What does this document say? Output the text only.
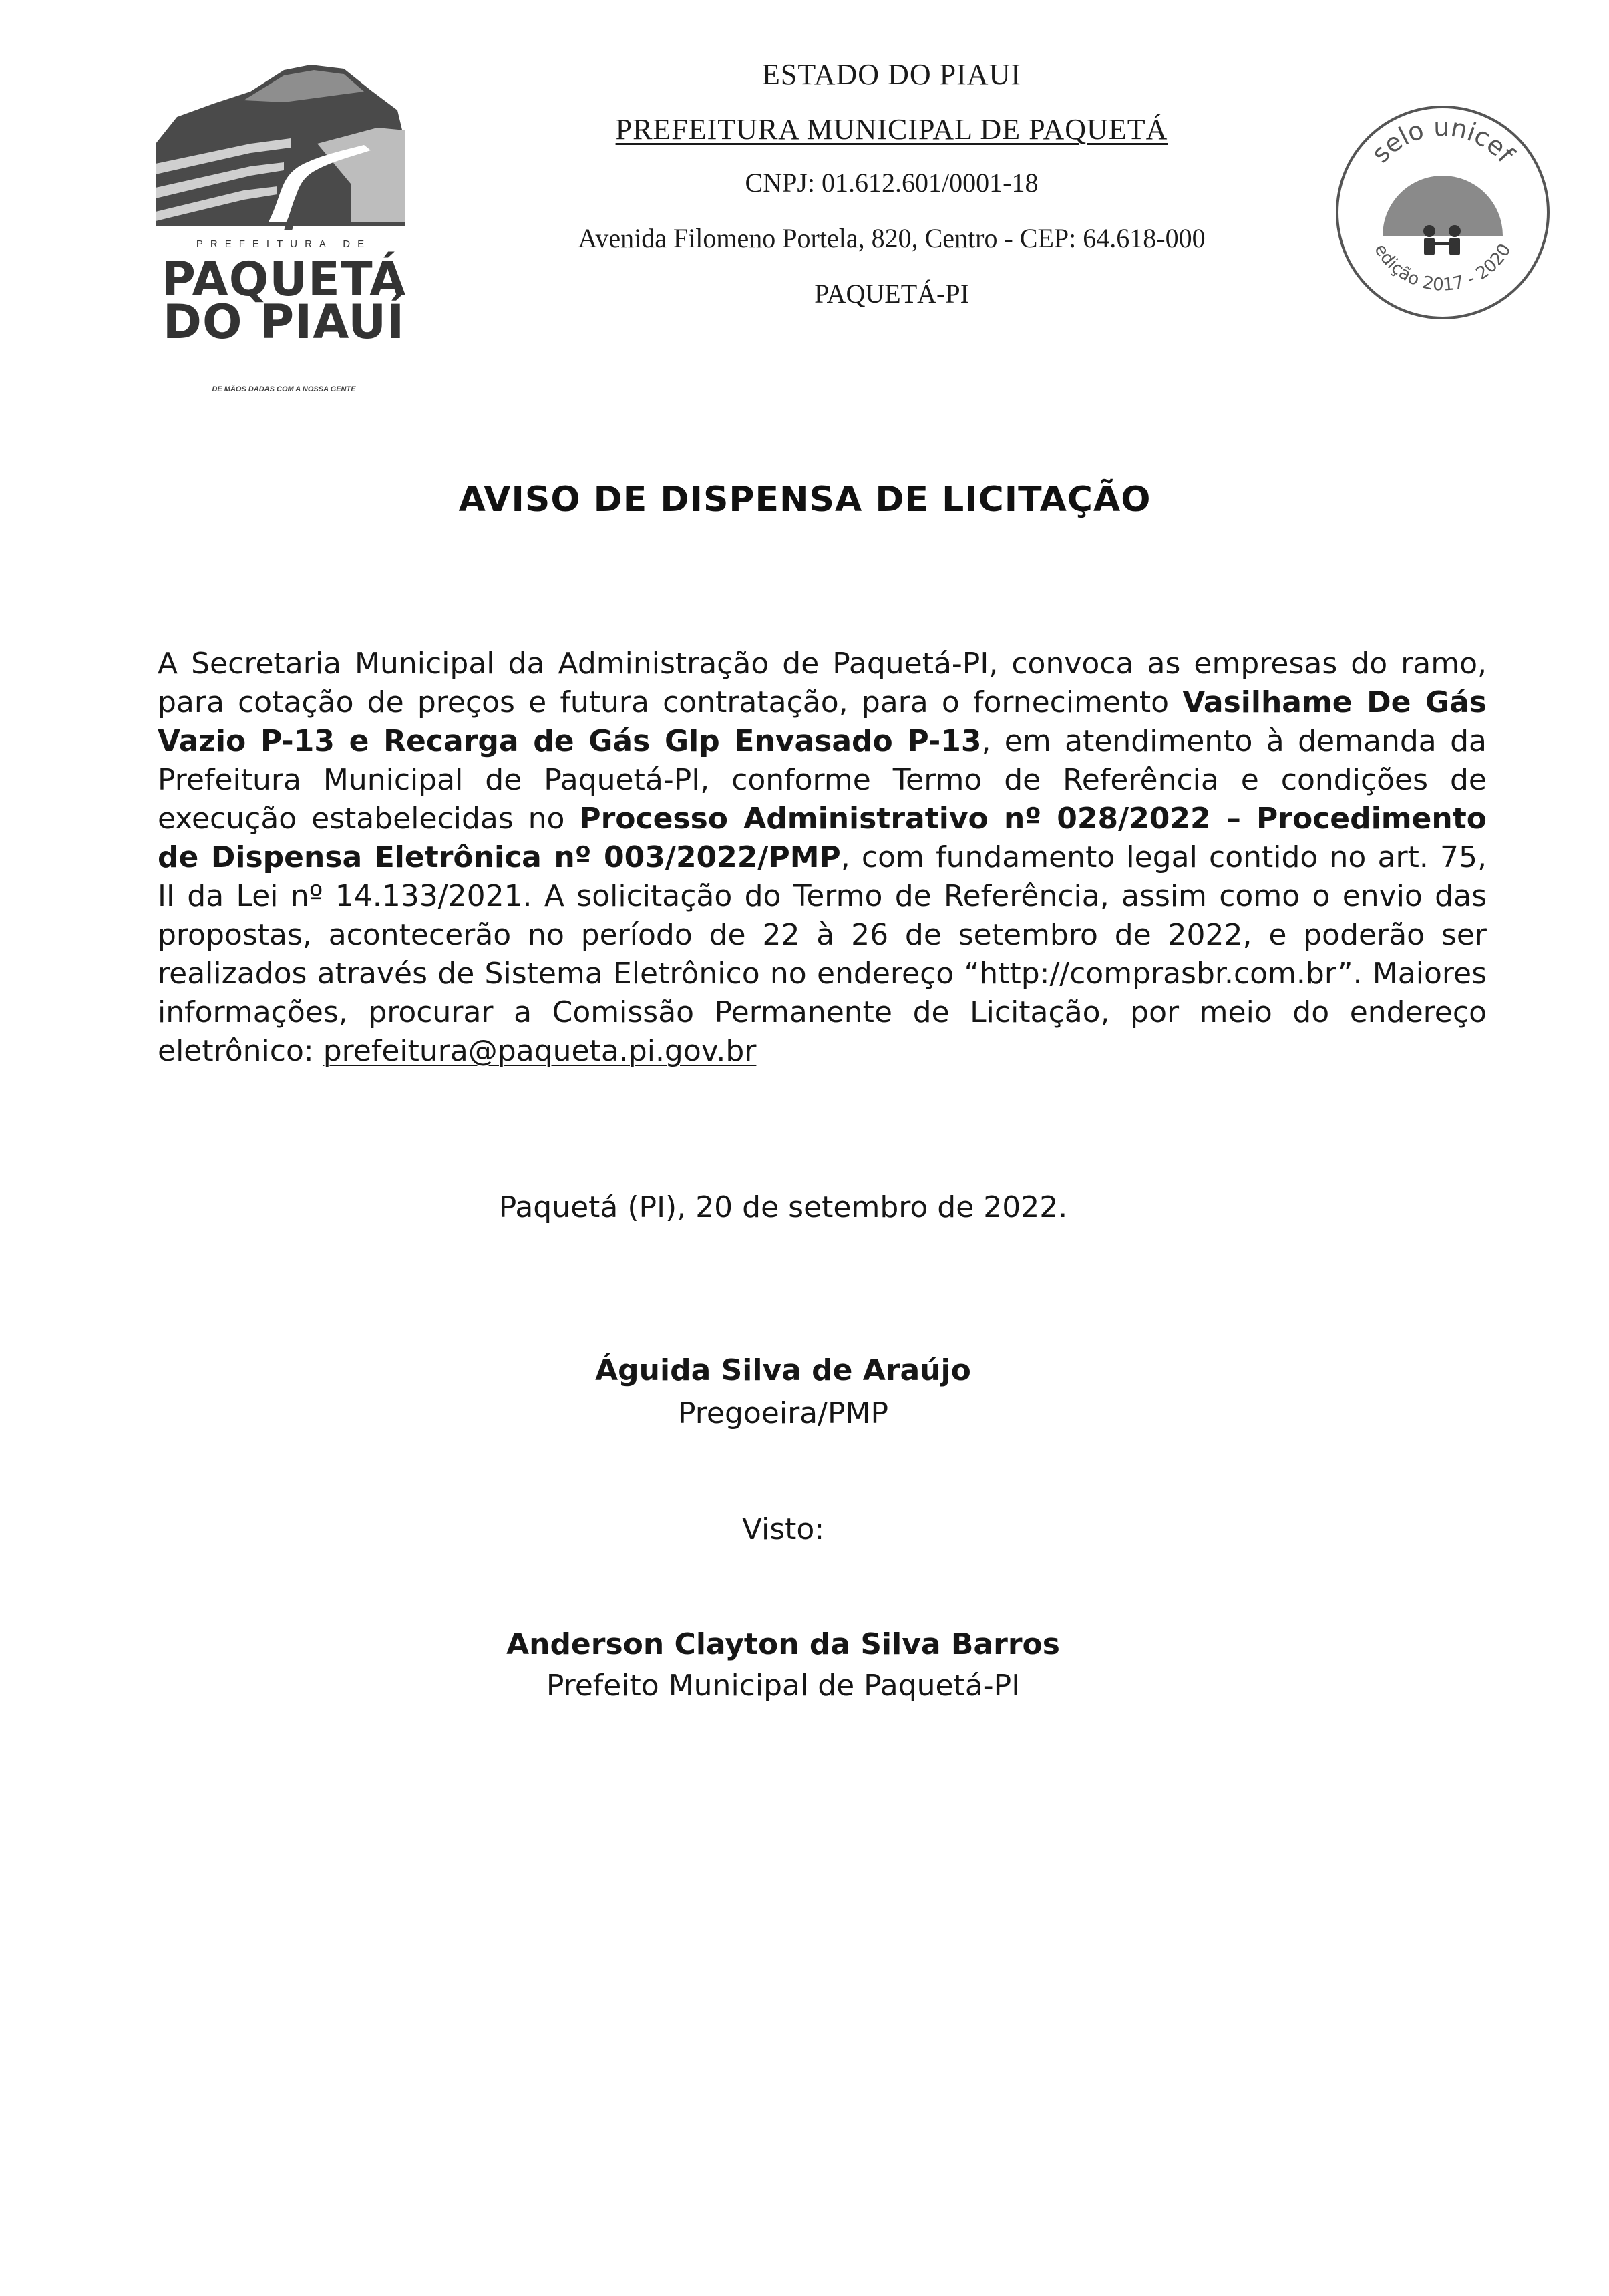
PREFEITURA DE
PAQUETÁ
DO PIAUÍ
DE MÃOS DADAS COM A NOSSA GENTE
ESTADO DO PIAUI
PREFEITURA MUNICIPAL DE PAQUETÁ
CNPJ: 01.612.601/0001-18
Avenida Filomeno Portela, 820, Centro - CEP: 64.618-000
PAQUETÁ-PI
selo unicef
edição 2017 - 2020
AVISO DE DISPENSA DE LICITAÇÃO
A Secretaria Municipal da Administração de Paquetá-PI, convoca as empresas do ramo, para cotação de preços e futura contratação, para o fornecimento Vasilhame De Gás Vazio P-13 e Recarga de Gás Glp Envasado P-13, em atendimento à demanda da Prefeitura Municipal de Paquetá-PI, conforme Termo de Referência e condições de execução estabelecidas no Processo Administrativo nº 028/2022 – Procedimento de Dispensa Eletrônica nº 003/2022/PMP, com fundamento legal contido no art. 75, II da Lei nº 14.133/2021. A solicitação do Termo de Referência, assim como o envio das propostas, acontecerão no período de 22 à 26 de setembro de 2022, e poderão ser realizados através de Sistema Eletrônico no endereço “http://comprasbr.com.br”. Maiores informações, procurar a Comissão Permanente de Licitação, por meio do endereço eletrônico: prefeitura@paqueta.pi.gov.br
Paquetá (PI), 20 de setembro de 2022.
Águida Silva de Araújo
Pregoeira/PMP
Visto:
Anderson Clayton da Silva Barros
Prefeito Municipal de Paquetá-PI
